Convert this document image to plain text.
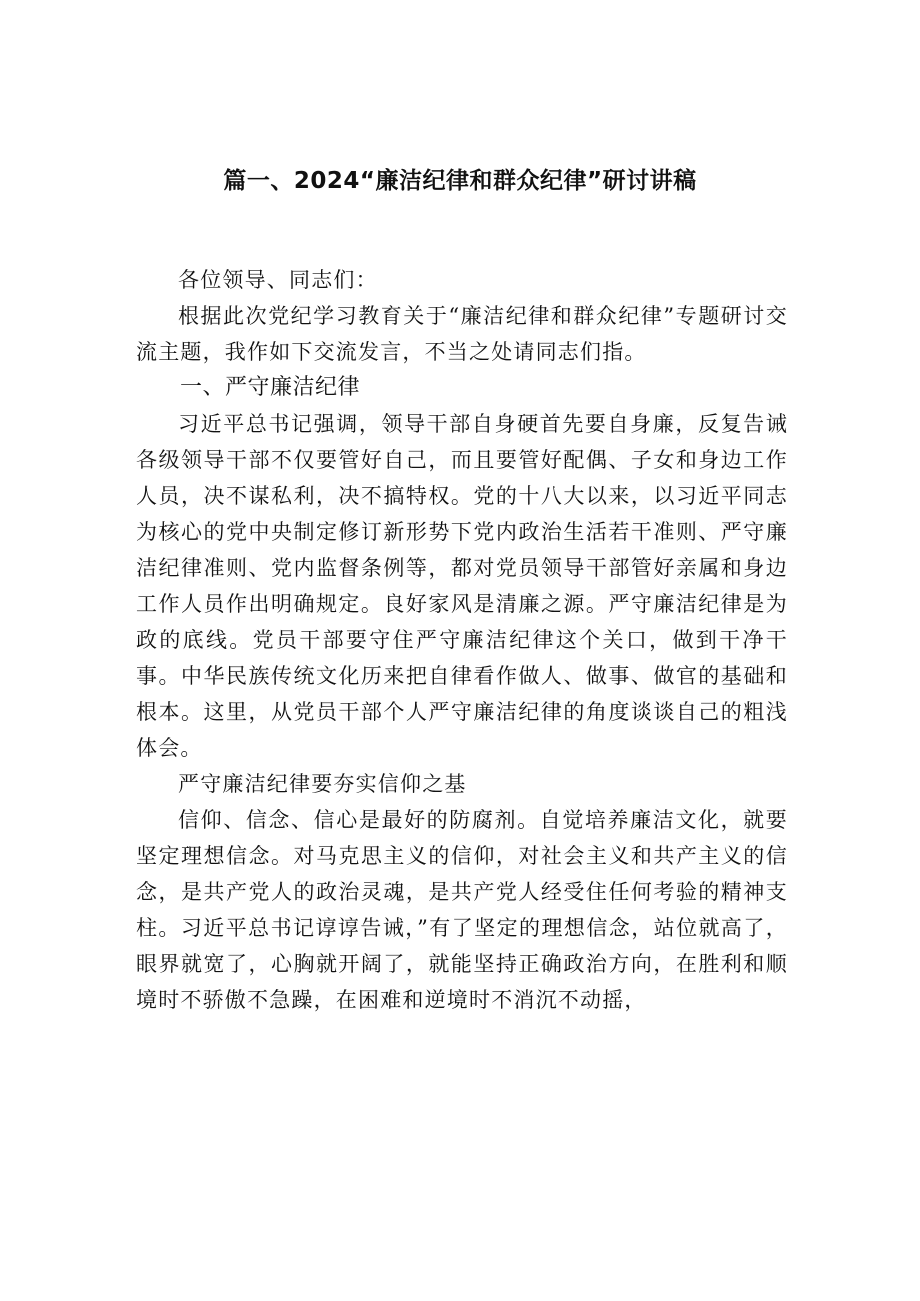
篇一、2024“廉洁纪律和群众纪律”研讨讲稿

各位领导、同志们：

根据此次党纪学习教育关于“廉洁纪律和群众纪律”专题研讨交流主题，我作如下交流发言，不当之处请同志们指。

一、严守廉洁纪律

习近平总书记强调，领导干部自身硬首先要自身廉，反复告诫各级领导干部不仅要管好自己，而且要管好配偶、子女和身边工作人员，决不谋私利，决不搞特权。党的十八大以来，以习近平同志为核心的党中央制定修订新形势下党内政治生活若干准则、严守廉洁纪律准则、党内监督条例等，都对党员领导干部管好亲属和身边工作人员作出明确规定。良好家风是清廉之源。严守廉洁纪律是为政的底线。党员干部要守住严守廉洁纪律这个关口，做到干净干事。中华民族传统文化历来把自律看作做人、做事、做官的基础和根本。这里，从党员干部个人严守廉洁纪律的角度谈谈自己的粗浅体会。

严守廉洁纪律要夯实信仰之基

信仰、信念、信心是最好的防腐剂。自觉培养廉洁文化，就要坚定理想信念。对马克思主义的信仰，对社会主义和共产主义的信念，是共产党人的政治灵魂，是共产党人经受住任何考验的精神支柱。习近平总书记谆谆告诫，”有了坚定的理想信念，站位就高了，眼界就宽了，心胸就开阔了，就能坚持正确政治方向，在胜利和顺境时不骄傲不急躁，在困难和逆境时不消沉不动摇，
